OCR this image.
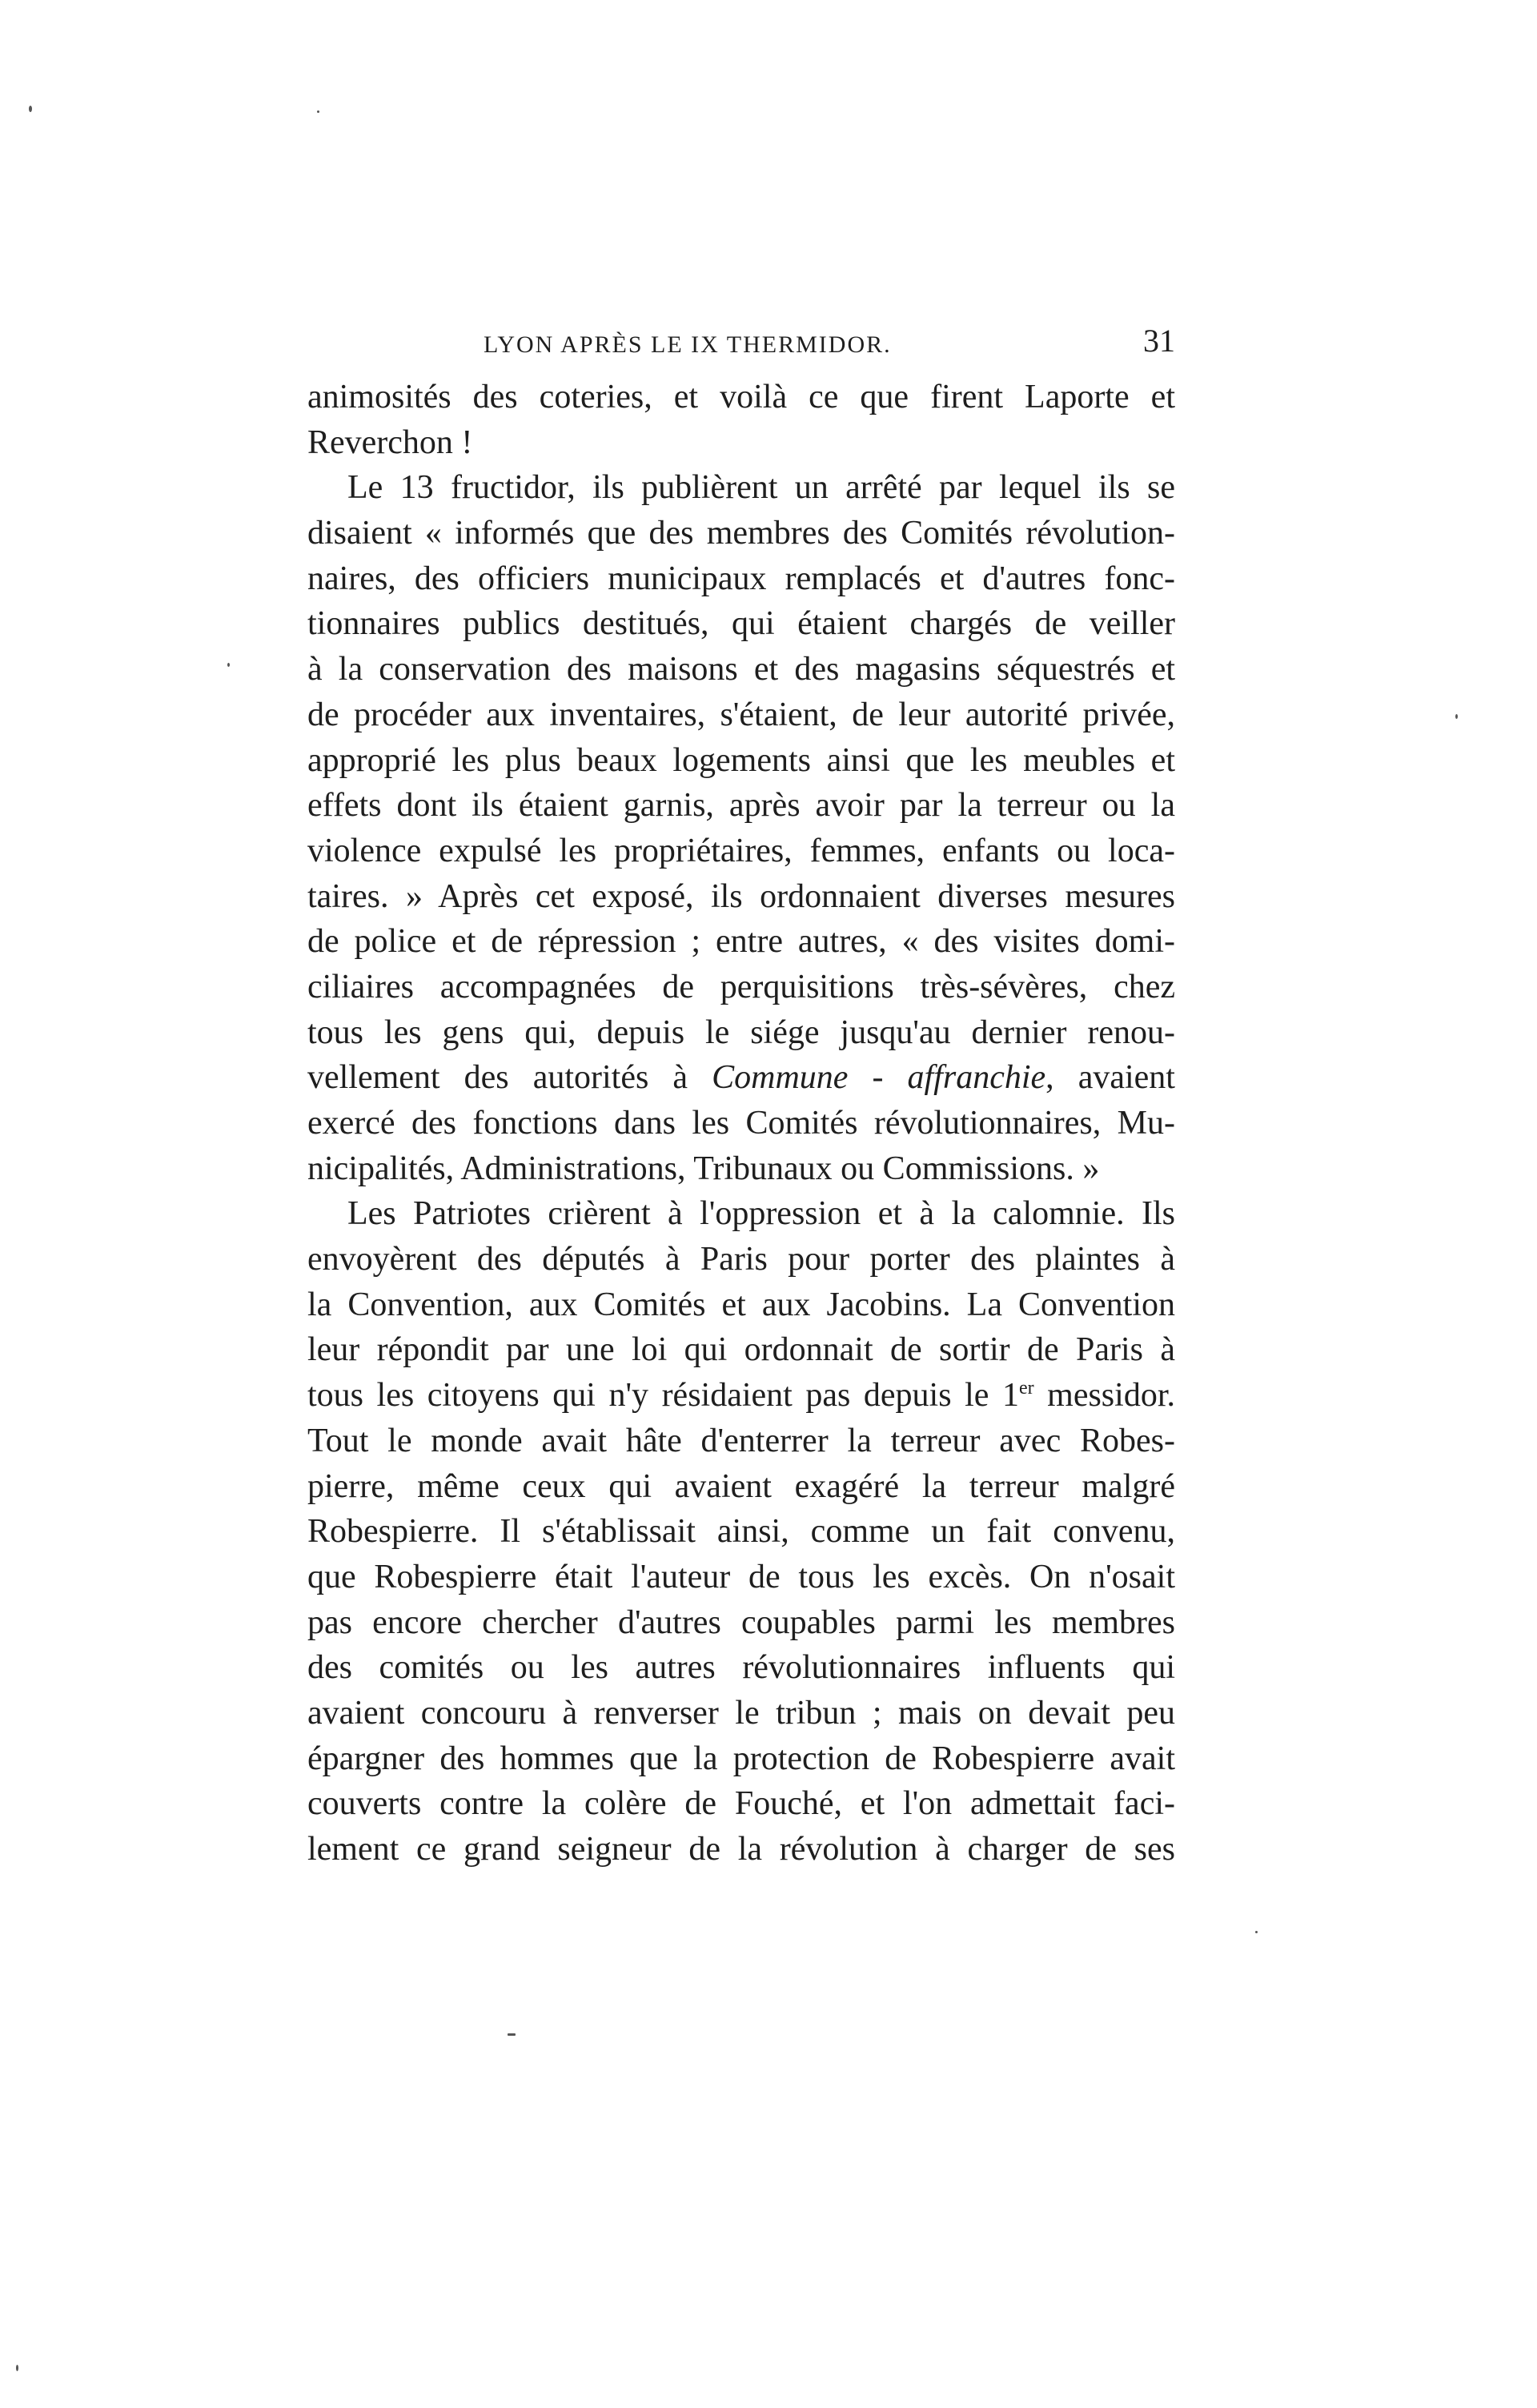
LYON APRÈS LE IX THERMIDOR.	31
animosités des coteries, et voilà ce que firent Laporte et
Reverchon !
Le 13 fructidor, ils publièrent un arrêté par lequel ils se
disaient « informés que des membres des Comités révolution-
naires, des officiers municipaux remplacés et d'autres fonc-
tionnaires publics destitués, qui étaient chargés de veiller
à la conservation des maisons et des magasins séquestrés et
de procéder aux inventaires, s'étaient, de leur autorité privée,
approprié les plus beaux logements ainsi que les meubles et
effets dont ils étaient garnis, après avoir par la terreur ou la
violence expulsé les propriétaires, femmes, enfants ou loca-
taires. » Après cet exposé, ils ordonnaient diverses mesures
de police et de répression ; entre autres, « des visites domi-
ciliaires accompagnées de perquisitions très-sévères, chez
tous les gens qui, depuis le siége jusqu'au dernier renou-
vellement des autorités à Commune - affranchie, avaient
exercé des fonctions dans les Comités révolutionnaires, Mu-
nicipalités, Administrations, Tribunaux ou Commissions. »
Les Patriotes crièrent à l'oppression et à la calomnie. Ils
envoyèrent des députés à Paris pour porter des plaintes à
la Convention, aux Comités et aux Jacobins. La Convention
leur répondit par une loi qui ordonnait de sortir de Paris à
tous les citoyens qui n'y résidaient pas depuis le 1er messidor.
Tout le monde avait hâte d'enterrer la terreur avec Robes-
pierre, même ceux qui avaient exagéré la terreur malgré
Robespierre. Il s'établissait ainsi, comme un fait convenu,
que Robespierre était l'auteur de tous les excès. On n'osait
pas encore chercher d'autres coupables parmi les membres
des comités ou les autres révolutionnaires influents qui
avaient concouru à renverser le tribun ; mais on devait peu
épargner des hommes que la protection de Robespierre avait
couverts contre la colère de Fouché, et l'on admettait faci-
lement ce grand seigneur de la révolution à charger de ses
